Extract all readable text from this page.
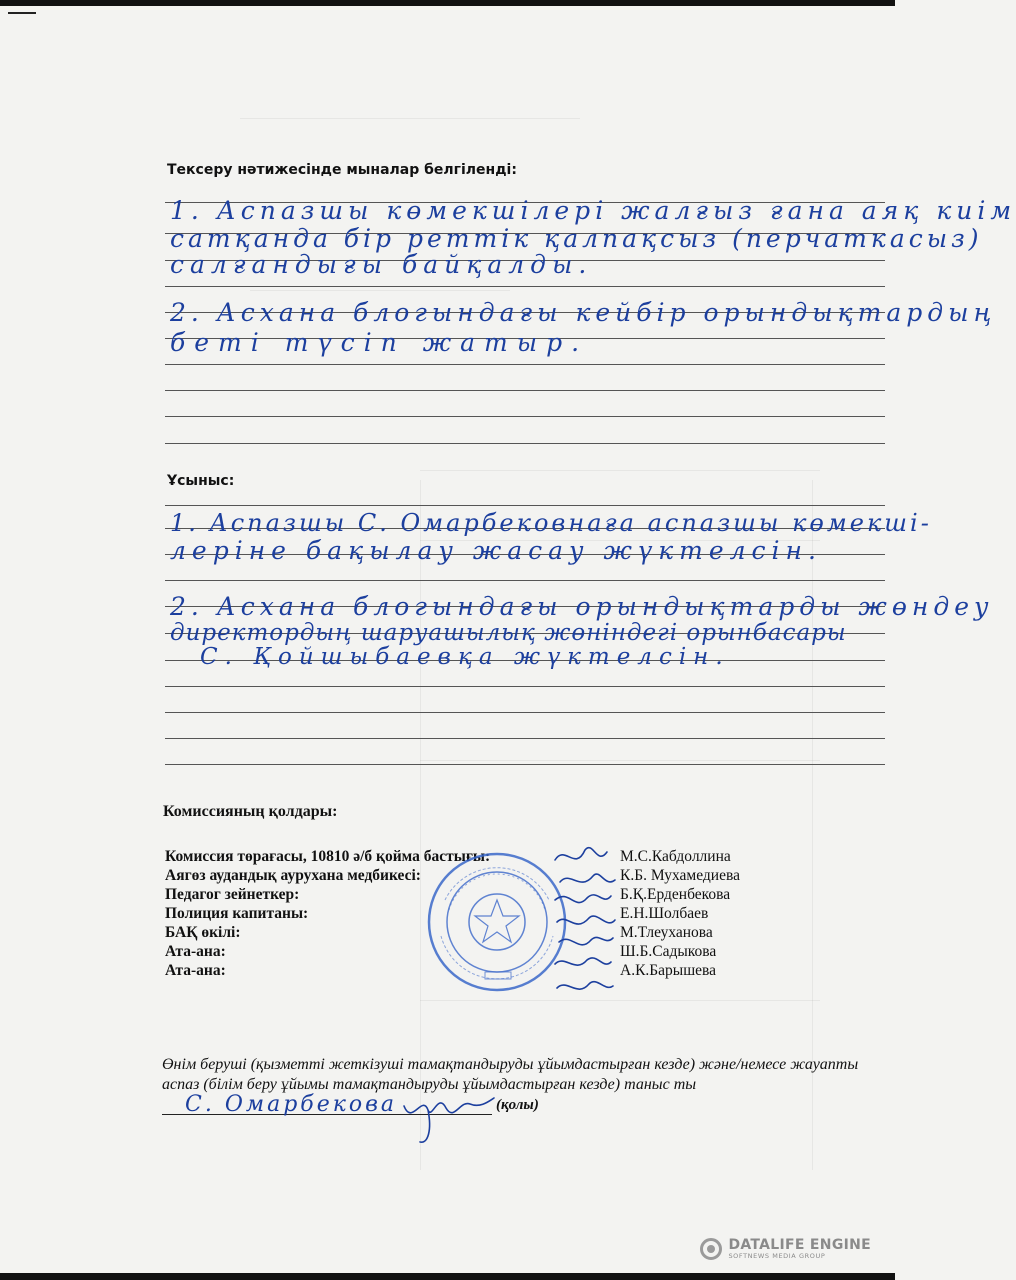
Тексеру нәтижесінде мыналар белгіленді:
1. Аспазшы көмекшілері жалғыз ғана аяқ киім
сатқанда бір реттік қалпақсыз (перчаткасыз)
салғандығы байқалды.
2. Асхана блогындағы кейбір орындықтардың
беті түсіп жатыр.
Ұсыныс:
1. Аспазшы С. Омарбековнаға аспазшы көмекші-
леріне бақылау жасау жүктелсін.
2. Асхана блогындағы орындықтарды жөндеу
директордың шаруашылық жөніндегі орынбасары
С. Қойшыбаевқа жүктелсін.
Комиссияның қолдары:
Комиссия төрағасы, 10810 ә/б қойма бастығы:
Аягөз аудандық аурухана медбикесі:
Педагог зейнеткер:
Полиция капитаны:
БАҚ өкілі:
Ата-ана:
Ата-ана:
М.С.Кабдоллина
К.Б. Мухамедиева
Б.Қ.Ерденбекова
Е.Н.Шолбаев
М.Тлеуханова
Ш.Б.Садыкова
А.К.Барышева
Өнім беруші (қызметті жеткізуші тамақтандыруды ұйымдастырған кезде) және/немесе жауапты аспаз (білім беру ұйымы тамақтандыруды ұйымдастырған кезде) таныс ты
С. Омарбекова	(қолы)
DATALIFE ENGINE
SOFTNEWS MEDIA GROUP
